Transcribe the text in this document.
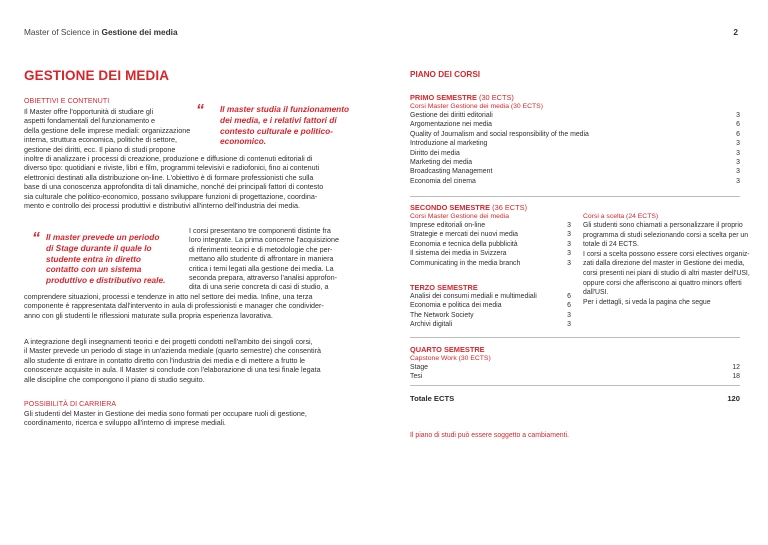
Master of Science in Gestione dei media	2
GESTIONE DEI MEDIA
OBIETTIVI E CONTENUTI
“ Il master studia il funzionamento
dei media, e i relativi fattori di
contesto culturale e politico-
economico.
Il Master offre l'opportunità di studiare gli
aspetti fondamentali del funzionamento e
della gestione delle imprese mediali: organizzazione
interna, struttura economica, politiche di settore,
gestione dei diritti, ecc. Il piano di studi propone
inoltre di analizzare i processi di creazione, produzione e diffusione di contenuti editoriali di
diverso tipo: quotidiani e riviste, libri e film, programmi televisivi e radiofonici, fino ai contenuti
elettronici destinati alla distribuzione on-line. L'obiettivo è di formare professionisti che sulla
base di una conoscenza approfondita di tali dinamiche, nonché dei principali fattori di contesto
sia culturale che politico-economico, possano sviluppare funzioni di progettazione, coordina-
mento e controllo dei processi produttivi e distributivi all'interno dell'industria dei media.
“ Il master prevede un periodo
di Stage durante il quale lo
studente entra in diretto
contatto con un sistema
produttivo e distributivo reale.
I corsi presentano tre componenti distinte fra
loro integrate. La prima concerne l'acquisizione
di riferimenti teorici e di metodologie che per-
mettano allo studente di affrontare in maniera
critica i temi legati alla gestione dei media. La
seconda prepara, attraverso l'analisi approfon-
dita di una serie concreta di casi di studio, a
comprendere situazioni, processi e tendenze in atto nel settore dei media. Infine, una terza
componente è rappresentata dall'intervento in aula di professionisti e manager che condivider-
anno con gli studenti le riflessioni maturate sulla propria esperienza lavorativa.
A integrazione degli insegnamenti teorici e dei progetti condotti nell'ambito dei singoli corsi,
il Master prevede un periodo di stage in un'azienda mediale (quarto semestre) che consentirà
allo studente di entrare in contatto diretto con l'industria dei media e di mettere a frutto le
conoscenze acquisite in aula. Il Master si conclude con l'elaborazione di una tesi finale legata
alle discipline che compongono il piano di studio seguito.
POSSIBILITÀ DI CARRIERA
Gli studenti del Master in Gestione dei media sono formati per occupare ruoli di gestione,
coordinamento, ricerca e sviluppo all'interno di imprese mediali.
PIANO DEI CORSI
PRIMO SEMESTRE (30 ECTS)
Corsi Master Gestione dei media (30 ECTS)
Gestione dei diritti editoriali	3
Argomentazione nei media	6
Quality of Journalism and social responsibility of the media	6
Introduzione al marketing	3
Diritto dei media	3
Marketing dei media	3
Broadcasting Management	3
Economia del cinema	3
SECONDO SEMESTRE (36 ECTS)
Corsi Master Gestione dei media
Imprese editoriali on-line	3
Strategie e mercati dei nuovi media	3
Economia e tecnica della pubblicità	3
Il sistema dei media in Svizzera	3
Communicating in the media branch	3
Corsi a scelta (24 ECTS)
Gli studenti sono chiamati a personalizzare il proprio
programma di studi selezionando corsi a scelta per un
totale di 24 ECTS.
I corsi a scelta possono essere corsi electives organiz-
zati dalla direzione del master in Gestione dei media,
corsi presenti nei piani di studio di altri master dell'USI,
oppure corsi che afferiscono ai quattro minors offerti
dall'USI.
Per i dettagli, si veda la pagina che segue
TERZO SEMESTRE
Analisi dei consumi mediali e multimediali	6
Economia e politica dei media	6
The Network Society	3
Archivi digitali	3
QUARTO SEMESTRE
Capstone Work (30 ECTS)
Stage	12
Tesi	18
Totale ECTS	120
Il piano di studi può essere soggetto a cambiamenti.
